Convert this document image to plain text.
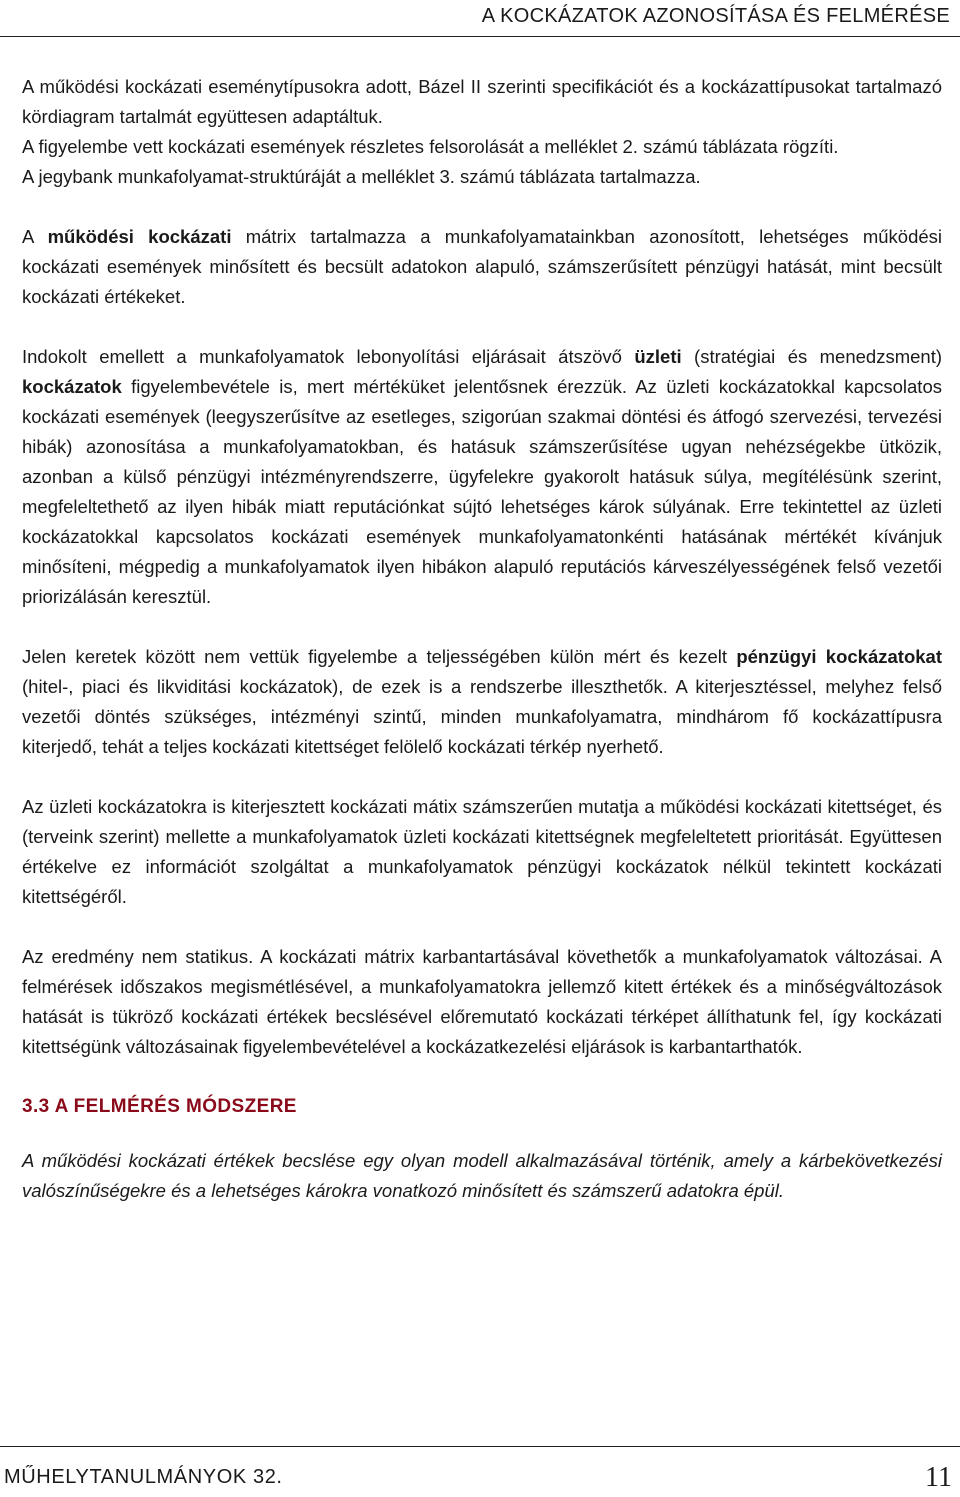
A KOCKÁZATOK AZONOSÍTÁSA ÉS FELMÉRÉSE

A működési kockázati eseménytípusokra adott, Bázel II szerinti specifikációt és a kockázattípusokat tartalmazó kördiagram tartalmát együttesen adaptáltuk.

A figyelembe vett kockázati események részletes felsorolását a melléklet 2. számú táblázata rögzíti.

A jegybank munkafolyamat-struktúráját a melléklet 3. számú táblázata tartalmazza.

A működési kockázati mátrix tartalmazza a munkafolyamatainkban azonosított, lehetséges működési kockázati események minősített és becsült adatokon alapuló, számszerűsített pénzügyi hatását, mint becsült kockázati értékeket.

Indokolt emellett a munkafolyamatok lebonyolítási eljárásait átszövő üzleti (stratégiai és menedzsment) kockázatok figyelembevétele is, mert mértéküket jelentősnek érezzük. Az üzleti kockázatokkal kapcsolatos kockázati események (leegyszerűsítve az esetleges, szigorúan szakmai döntési és átfogó szervezési, tervezési hibák) azonosítása a munkafolyamatokban, és hatásuk számszerűsítése ugyan nehézségekbe ütközik, azonban a külső pénzügyi intézményrendszerre, ügyfelekre gyakorolt hatásuk súlya, megítélésünk szerint, megfeleltethető az ilyen hibák miatt reputációnkat sújtó lehetséges károk súlyának. Erre tekintettel az üzleti kockázatokkal kapcsolatos kockázati események munkafolyamatonkénti hatásának mértékét kívánjuk minősíteni, mégpedig a munkafolyamatok ilyen hibákon alapuló reputációs kárveszélyességének felső vezetői priorizálásán keresztül.

Jelen keretek között nem vettük figyelembe a teljességében külön mért és kezelt pénzügyi kockázatokat (hitel-, piaci és likviditási kockázatok), de ezek is a rendszerbe illeszthetők. A kiterjesztéssel, melyhez felső vezetői döntés szükséges, intézményi szintű, minden munkafolyamatra, mindhárom fő kockázattípusra kiterjedő, tehát a teljes kockázati kitettséget felölelő kockázati térkép nyerhető.

Az üzleti kockázatokra is kiterjesztett kockázati mátix számszerűen mutatja a működési kockázati kitettséget, és (terveink szerint) mellette a munkafolyamatok üzleti kockázati kitettségnek megfeleltetett prioritását. Együttesen értékelve ez információt szolgáltat a munkafolyamatok pénzügyi kockázatok nélkül tekintett kockázati kitettségéről.

Az eredmény nem statikus. A kockázati mátrix karbantartásával követhetők a munkafolyamatok változásai. A felmérések időszakos megismétlésével, a munkafolyamatokra jellemző kitett értékek és a minőségváltozások hatását is tükröző kockázati értékek becslésével előremutató kockázati térképet állíthatunk fel, így kockázati kitettségünk változásainak figyelembevételével a kockázatkezelési eljárások is karbantarthatók.

3.3 A FELMÉRÉS MÓDSZERE

A működési kockázati értékek becslése egy olyan modell alkalmazásával történik, amely a kárbekövetkezési valószínűségekre és a lehetséges károkra vonatkozó minősített és számszerű adatokra épül.

MŰHELYTANULMÁNYOK 32.	11
